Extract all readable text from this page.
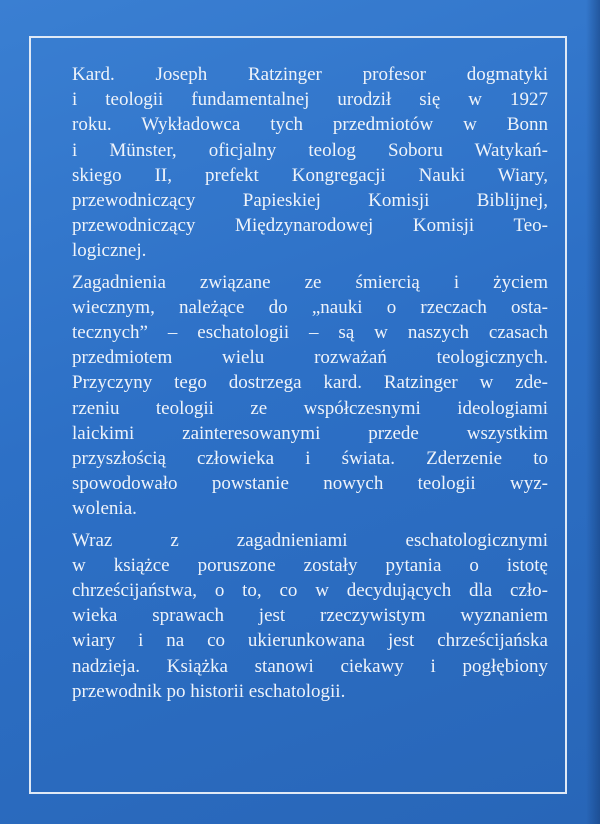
Kard. Joseph Ratzinger profesor dogmatyki
i teologii fundamentalnej urodził się w 1927
roku. Wykładowca tych przedmiotów w Bonn
i Münster, oficjalny teolog Soboru Watykań-
skiego II, prefekt Kongregacji Nauki Wiary,
przewodniczący Papieskiej Komisji Biblijnej,
przewodniczący Międzynarodowej Komisji Teo-
logicznej.

Zagadnienia związane ze śmiercią i życiem
wiecznym, należące do „nauki o rzeczach osta-
tecznych” – eschatologii – są w naszych czasach
przedmiotem wielu rozważań teologicznych.
Przyczyny tego dostrzega kard. Ratzinger w zde-
rzeniu teologii ze współczesnymi ideologiami
laickimi zainteresowanymi przede wszystkim
przyszłością człowieka i świata. Zderzenie to
spowodowało powstanie nowych teologii wyz-
wolenia.

Wraz z zagadnieniami eschatologicznymi
w książce poruszone zostały pytania o istotę
chrześcijaństwa, o to, co w decydujących dla czło-
wieka sprawach jest rzeczywistym wyznaniem
wiary i na co ukierunkowana jest chrześcijańska
nadzieja. Książka stanowi ciekawy i pogłębiony
przewodnik po historii eschatologii.
